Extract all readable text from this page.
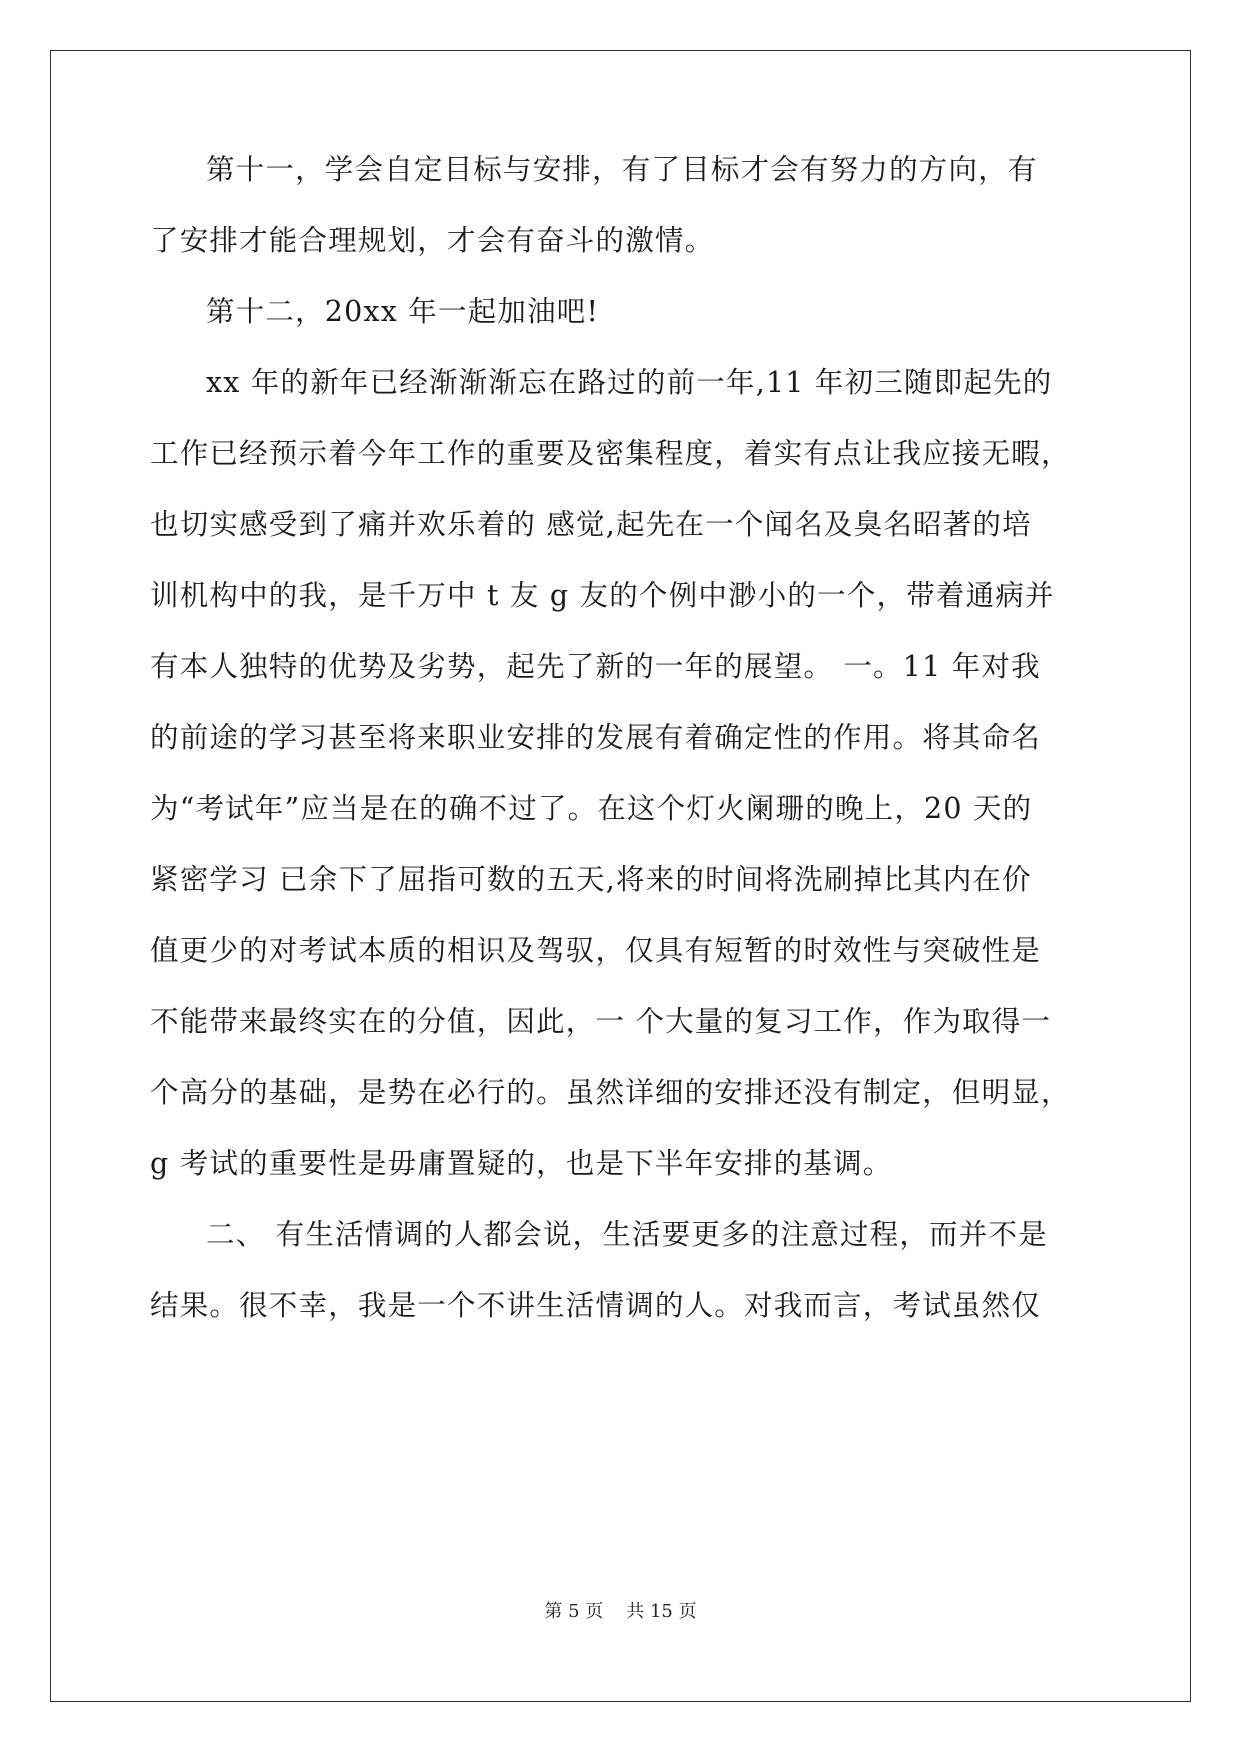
第十一，学会自定目标与安排，有了目标才会有努力的方向，有
了安排才能合理规划，才会有奋斗的激情。
第十二，20xx 年一起加油吧!
xx 年的新年已经渐渐渐忘在路过的前一年,11 年初三随即起先的
工作已经预示着今年工作的重要及密集程度，着实有点让我应接无暇，
也切实感受到了痛并欢乐着的 感觉,起先在一个闻名及臭名昭著的培
训机构中的我，是千万中 t 友 g 友的个例中渺小的一个，带着通病并
有本人独特的优势及劣势，起先了新的一年的展望。 一。11 年对我
的前途的学习甚至将来职业安排的发展有着确定性的作用。将其命名
为“考试年”应当是在的确不过了。在这个灯火阑珊的晚上，20 天的
紧密学习 已余下了屈指可数的五天,将来的时间将洗刷掉比其内在价
值更少的对考试本质的相识及驾驭，仅具有短暂的时效性与突破性是
不能带来最终实在的分值，因此，一 个大量的复习工作，作为取得一
个高分的基础，是势在必行的。虽然详细的安排还没有制定，但明显，
g 考试的重要性是毋庸置疑的，也是下半年安排的基调。
二、 有生活情调的人都会说，生活要更多的注意过程，而并不是
结果。很不幸，我是一个不讲生活情调的人。对我而言，考试虽然仅
第 5 页 共 15 页
